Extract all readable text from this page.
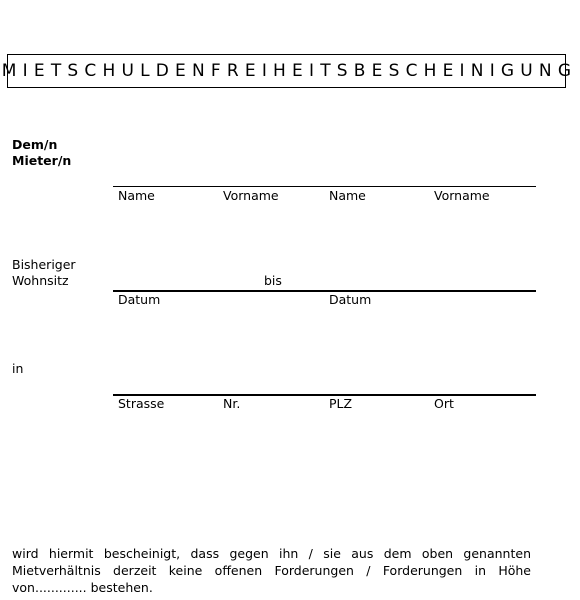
MIETSCHULDENFREIHEITSBESCHEINIGUNG
Dem/n
Mieter/n
Name	Vorname	Name	Vorname
Bisheriger
Wohnsitz	bis
Datum	Datum
in
Strasse	Nr.	PLZ	Ort
wird hiermit bescheinigt, dass gegen ihn / sie aus dem oben genannten Mietverhältnis derzeit keine offenen Forderungen / Forderungen in Höhe von............. bestehen.
